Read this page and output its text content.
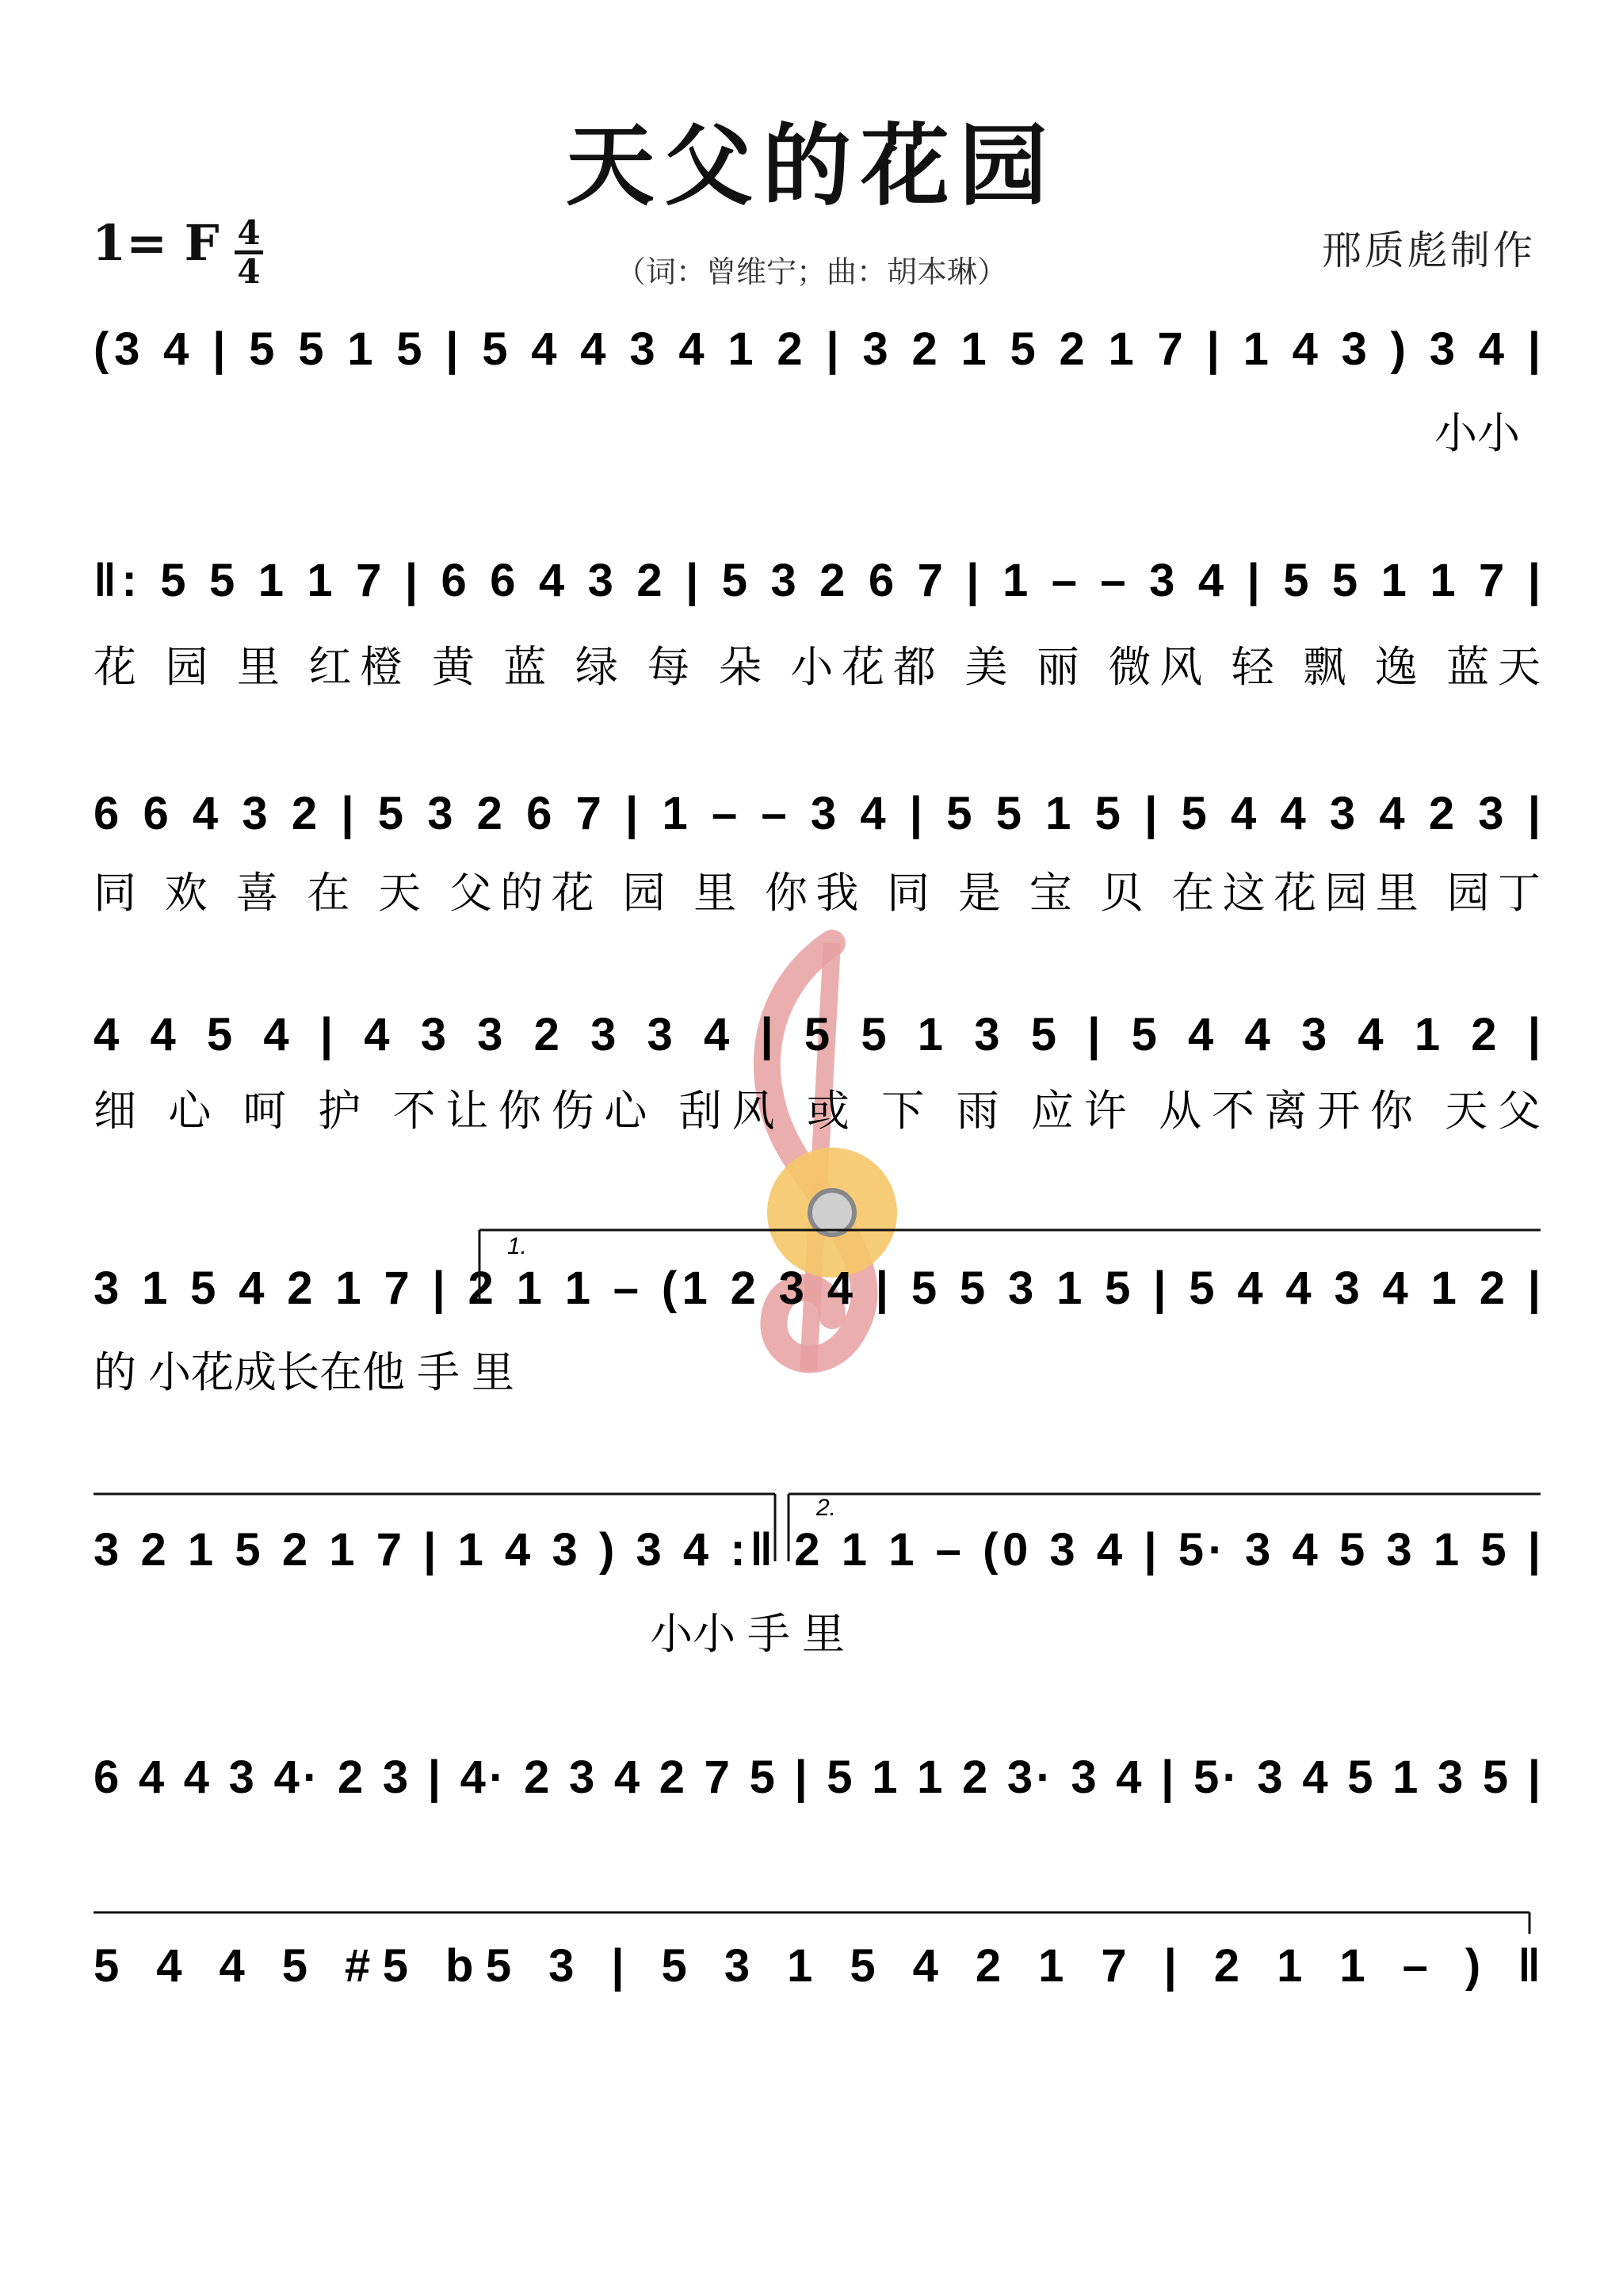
天父的花园
1= F 4
4	（词：曾维宁；曲：胡本琳）	邢质彪制作
(3 4 | 5 5 1 5 | 5 4 4 3 4 1 2 | 3 2 1 5 2 1 7 | 1 4 3 ) 3 4 |
小小
‖: 5 5 1 1 7 | 6 6 4 3 2 | 5 3 2 6 7 | 1 – – 3 4 | 5 5 1 1 7 |
花 园 里 红橙 黄 蓝 绿 每 朵 小花都 美 丽 微风 轻 飘 逸 蓝天
6 6 4 3 2 | 5 3 2 6 7 | 1 – – 3 4 | 5 5 1 5 | 5 4 4 3 4 2 3 |
同 欢 喜 在 天 父的花 园 里 你我 同 是 宝 贝 在这花园里 园丁
4 4 5 4 | 4 3 3 2 3 3 4 | 5 5 1 3 5 | 5 4 4 3 4 1 2 |
细 心 呵 护 不让你伤心 刮风 或 下 雨 应许 从不离开你 天父
3 1 5 4 2 1 7 | 2 1 1 – (1 2 3 4 | 5 5 3 1 5 | 5 4 4 3 4 1 2 |
的 小花成长在他 手 里
3 2 1 5 2 1 7 | 1 4 3 ) 3 4 :‖ 2 1 1 – (0 3 4 | 5· 3 4 5 3 1 5 |
小小 手 里
6 4 4 3 4· 2 3 | 4· 2 3 4 2 7 5 | 5 1 1 2 3· 3 4 | 5· 3 4 5 1 3 5 |
5 4 4 5 #5 b5 3 | 5 3 1 5 4 2 1 7 | 2 1 1 – ) ‖
1.
2.
